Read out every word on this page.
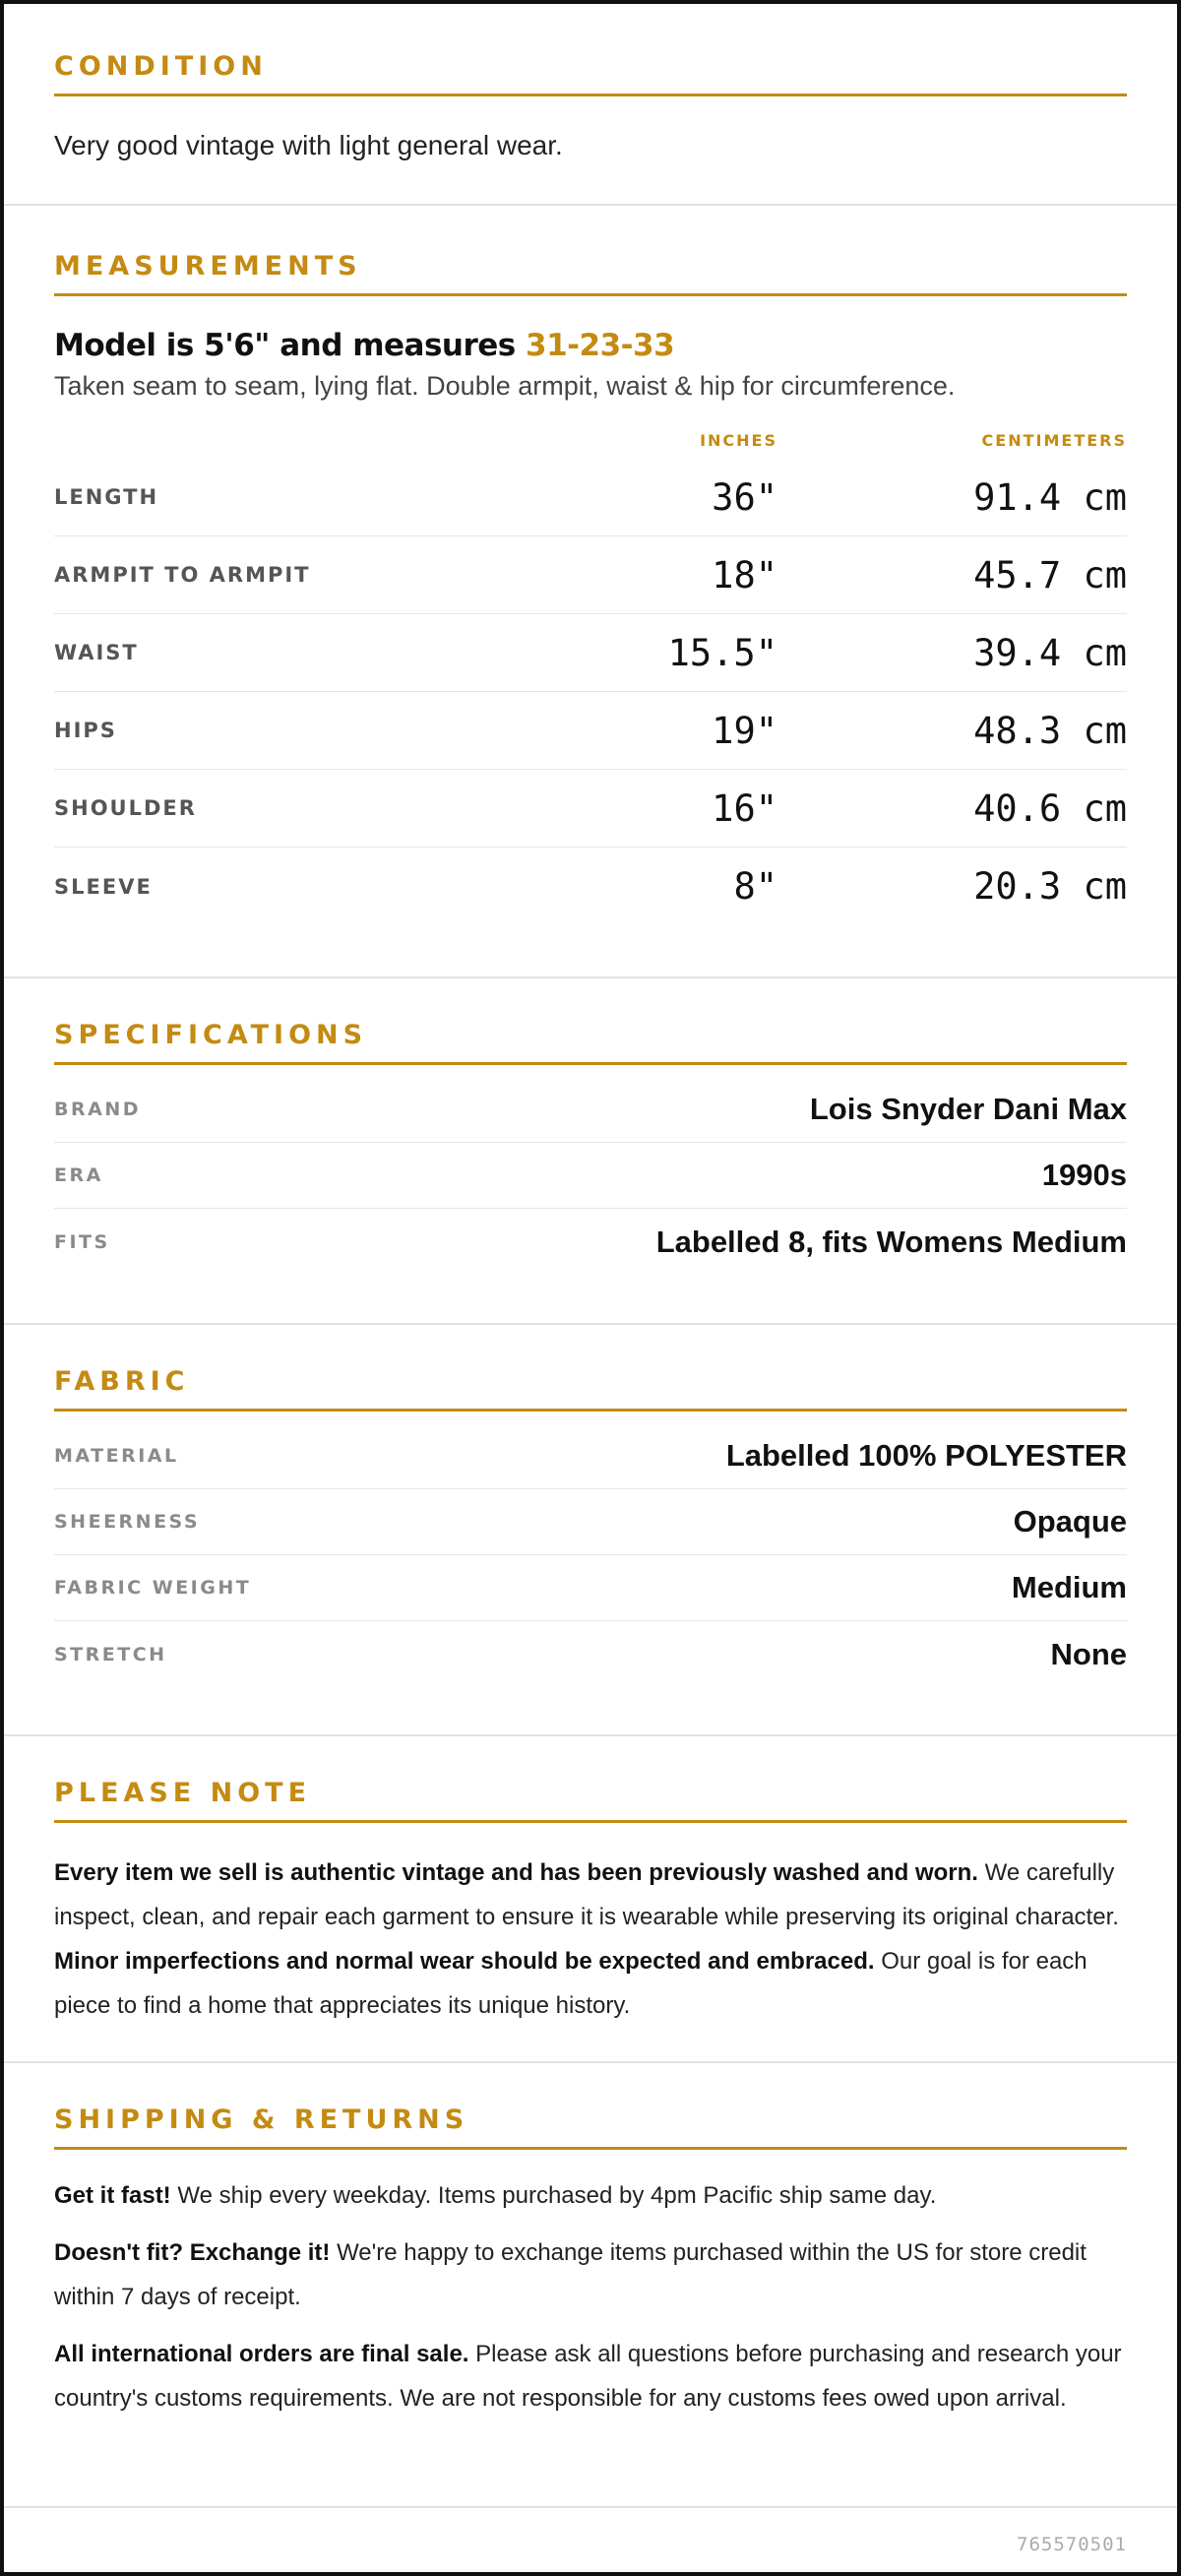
CONDITION
Very good vintage with light general wear.
MEASUREMENTS
Model is 5'6" and measures 31-23-33
Taken seam to seam, lying flat. Double armpit, waist & hip for circumference.
INCHES	CENTIMETERS
LENGTH	36"	91.4 cm
ARMPIT TO ARMPIT	18"	45.7 cm
WAIST	15.5"	39.4 cm
HIPS	19"	48.3 cm
SHOULDER	16"	40.6 cm
SLEEVE	8"	20.3 cm
SPECIFICATIONS
BRAND	Lois Snyder Dani Max
ERA	1990s
FITS	Labelled 8, fits Womens Medium
FABRIC
MATERIAL	Labelled 100% POLYESTER
SHEERNESS	Opaque
FABRIC WEIGHT	Medium
STRETCH	None
PLEASE NOTE

Every item we sell is authentic vintage and has been previously washed and worn. We carefully inspect, clean, and repair each garment to ensure it is wearable while preserving its original character. Minor imperfections and normal wear should be expected and embraced. Our goal is for each piece to find a home that appreciates its unique history.

SHIPPING & RETURNS

Get it fast! We ship every weekday. Items purchased by 4pm Pacific ship same day.

Doesn't fit? Exchange it! We're happy to exchange items purchased within the US for store credit within 7 days of receipt.

All international orders are final sale. Please ask all questions before purchasing and research your country's customs requirements. We are not responsible for any customs fees owed upon arrival.

765570501
